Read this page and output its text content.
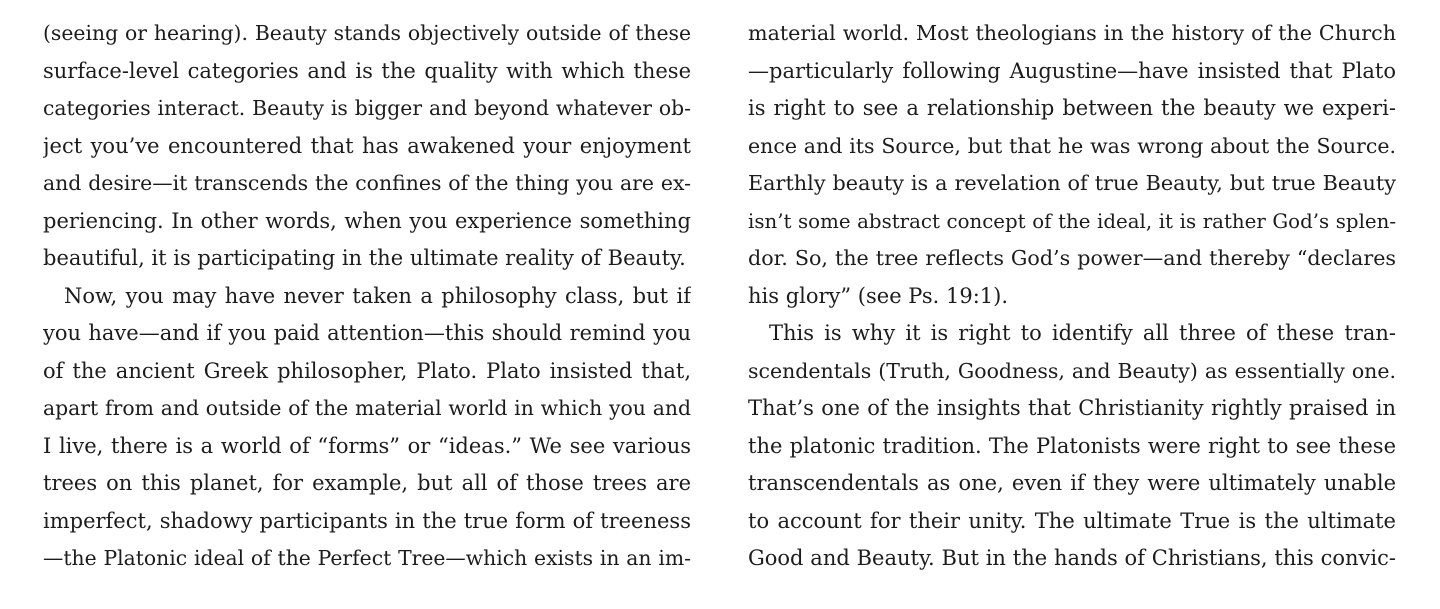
(seeing or hearing). Beauty stands objectively outside of these
surface-level categories and is the quality with which these
categories interact. Beauty is bigger and beyond whatever ob-
ject you’ve encountered that has awakened your enjoyment
and desire—it transcends the confines of the thing you are ex-
periencing. In other words, when you experience something
beautiful, it is participating in the ultimate reality of Beauty.
Now, you may have never taken a philosophy class, but if
you have—and if you paid attention—this should remind you
of the ancient Greek philosopher, Plato. Plato insisted that,
apart from and outside of the material world in which you and
I live, there is a world of “forms” or “ideas.” We see various
trees on this planet, for example, but all of those trees are
imperfect, shadowy participants in the true form of treeness
—the Platonic ideal of the Perfect Tree—which exists in an im-
material world. Most theologians in the history of the Church
—particularly following Augustine—have insisted that Plato
is right to see a relationship between the beauty we experi-
ence and its Source, but that he was wrong about the Source.
Earthly beauty is a revelation of true Beauty, but true Beauty
isn’t some abstract concept of the ideal, it is rather God’s splen-
dor. So, the tree reflects God’s power—and thereby “declares
his glory” (see Ps. 19:1).
This is why it is right to identify all three of these tran-
scendentals (Truth, Goodness, and Beauty) as essentially one.
That’s one of the insights that Christianity rightly praised in
the platonic tradition. The Platonists were right to see these
transcendentals as one, even if they were ultimately unable
to account for their unity. The ultimate True is the ultimate
Good and Beauty. But in the hands of Christians, this convic-
